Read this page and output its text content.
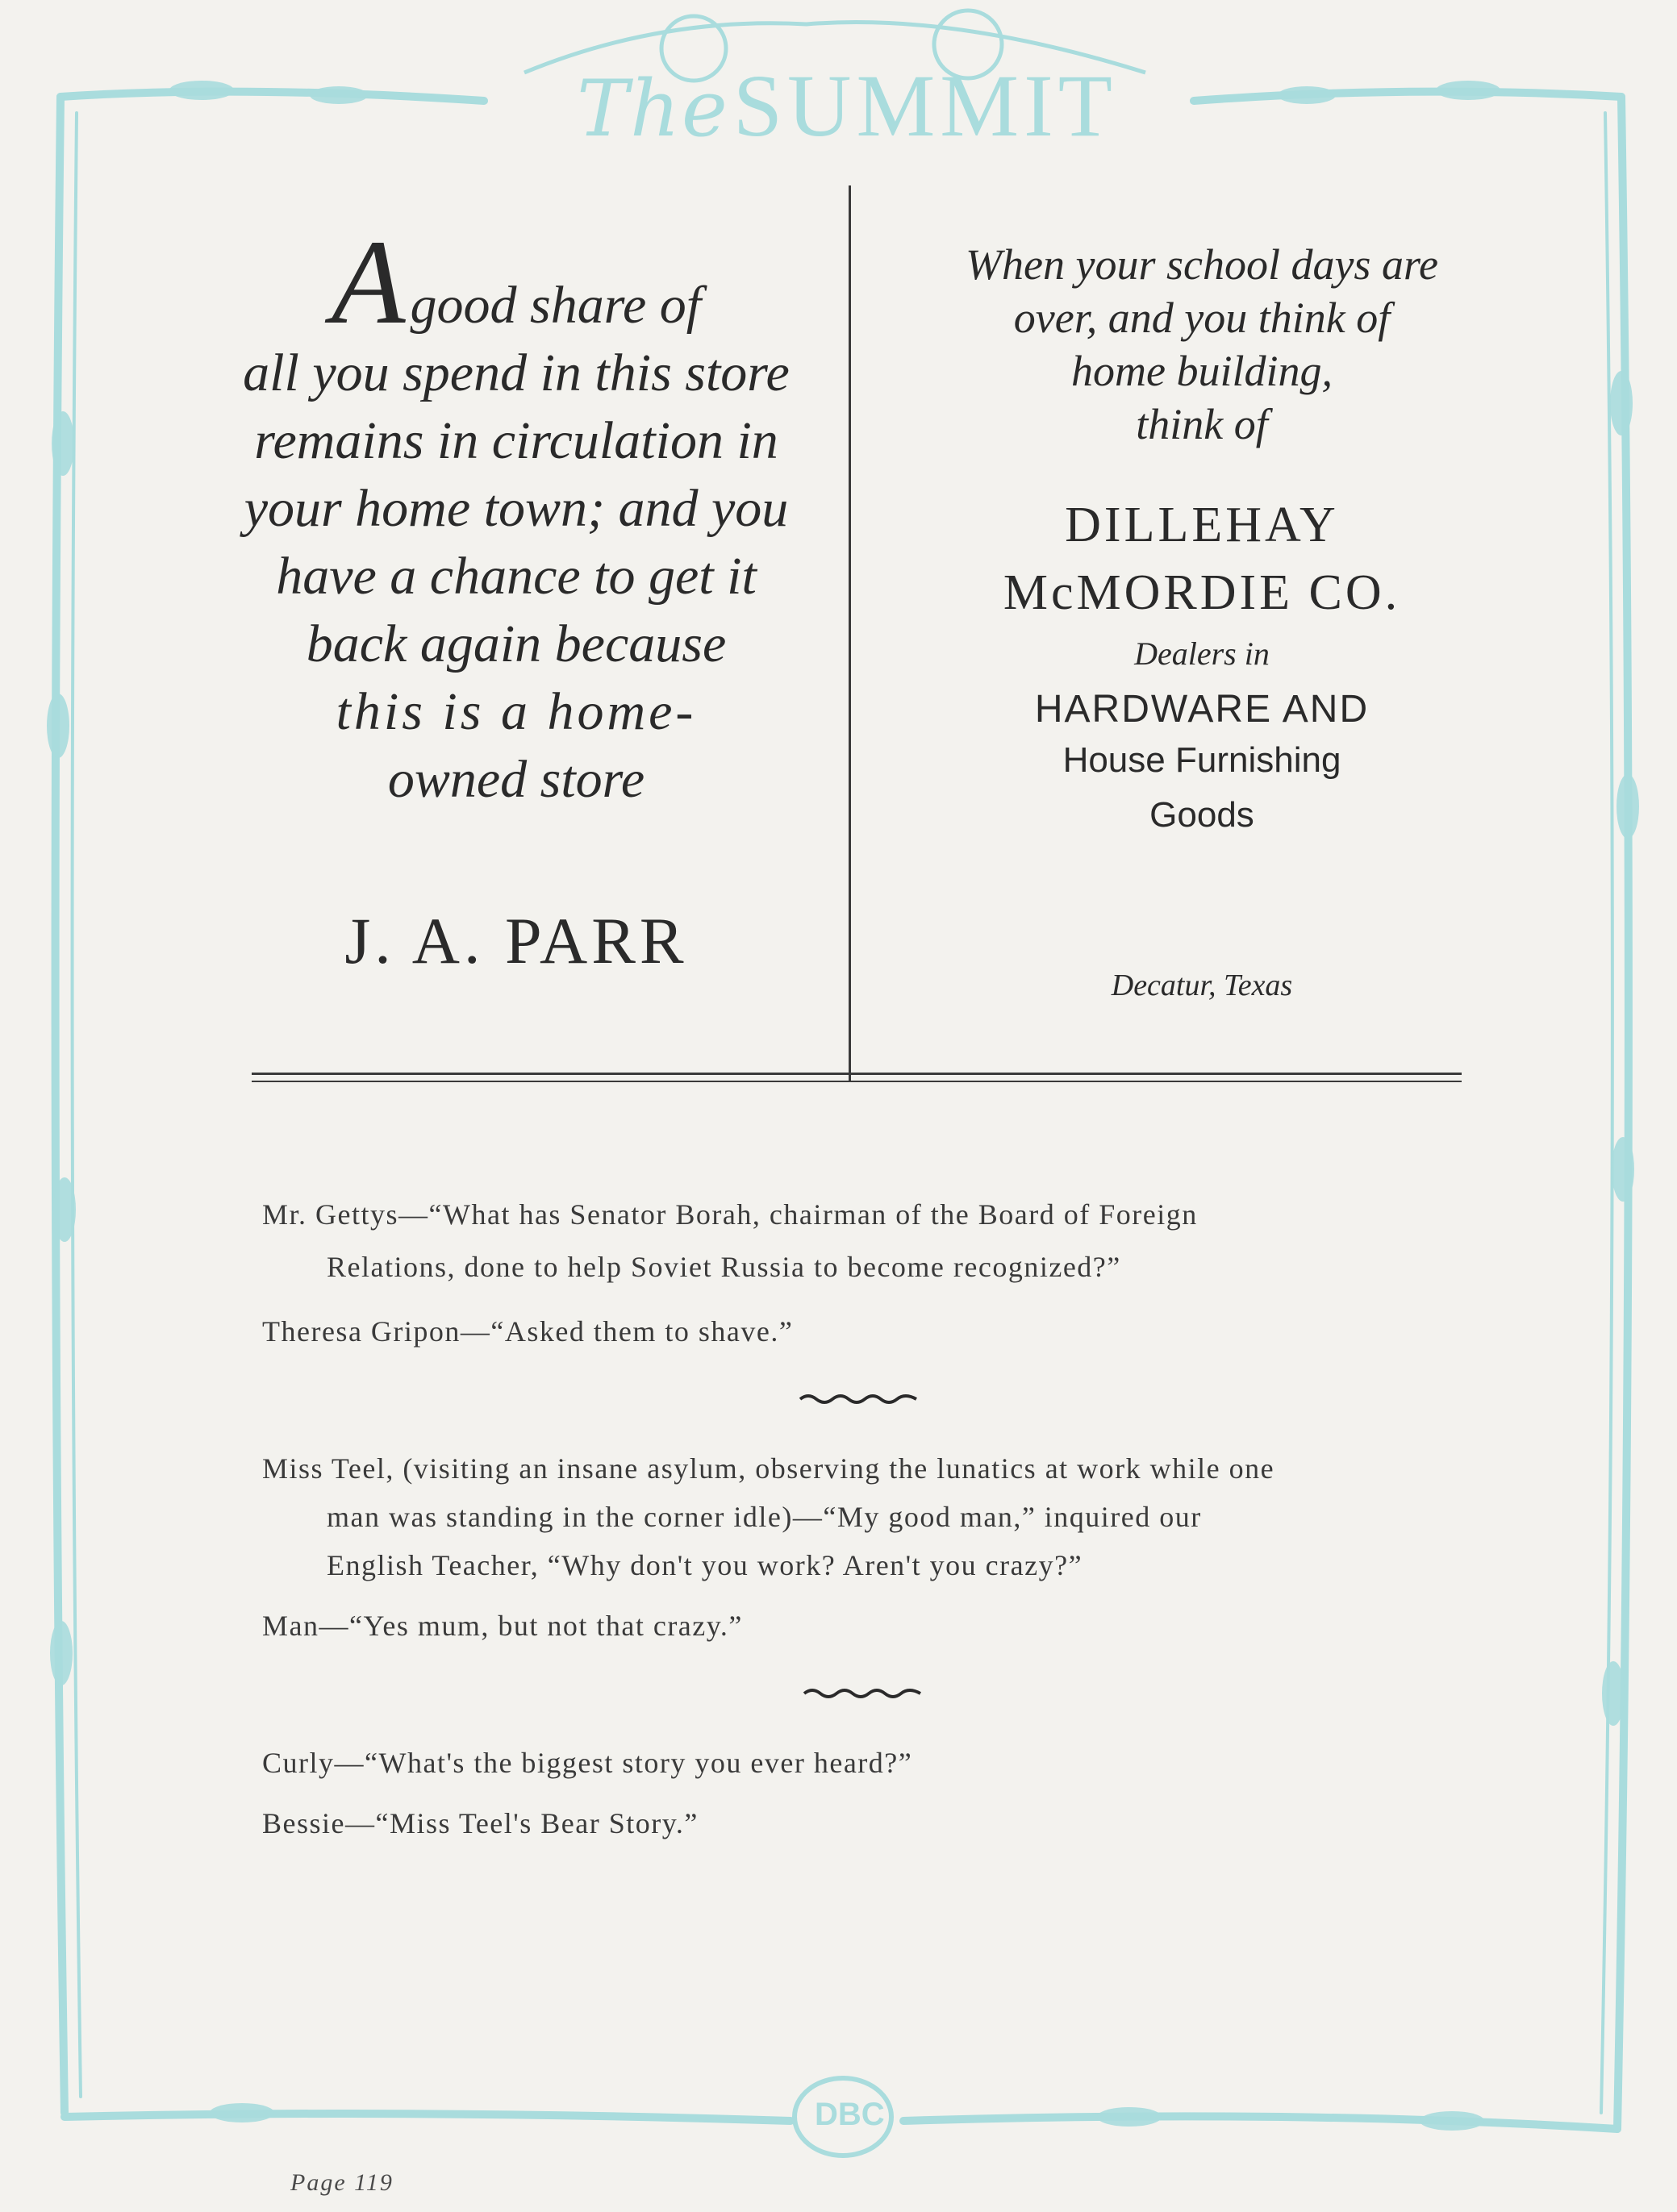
The SUMMIT
Agood share of
all you spend in this store
remains in circulation in
your home town; and you
have a chance to get it
back again because
this is a home-
owned store
J. A. PARR
When your school days are
over, and you think of
home building,
think of
DILLEHAY
McMORDIE CO.
Dealers in
HARDWARE AND
House Furnishing
Goods
Decatur, Texas
Mr. Gettys—“What has Senator Borah, chairman of the Board of Foreign
Relations, done to help Soviet Russia to become recognized?”
Theresa Gripon—“Asked them to shave.”
Miss Teel, (visiting an insane asylum, observing the lunatics at work while one
man was standing in the corner idle)—“My good man,” inquired our
English Teacher, “Why don't you work? Aren't you crazy?”
Man—“Yes mum, but not that crazy.”
Curly—“What's the biggest story you ever heard?”
Bessie—“Miss Teel's Bear Story.”
DBC
Page 119
